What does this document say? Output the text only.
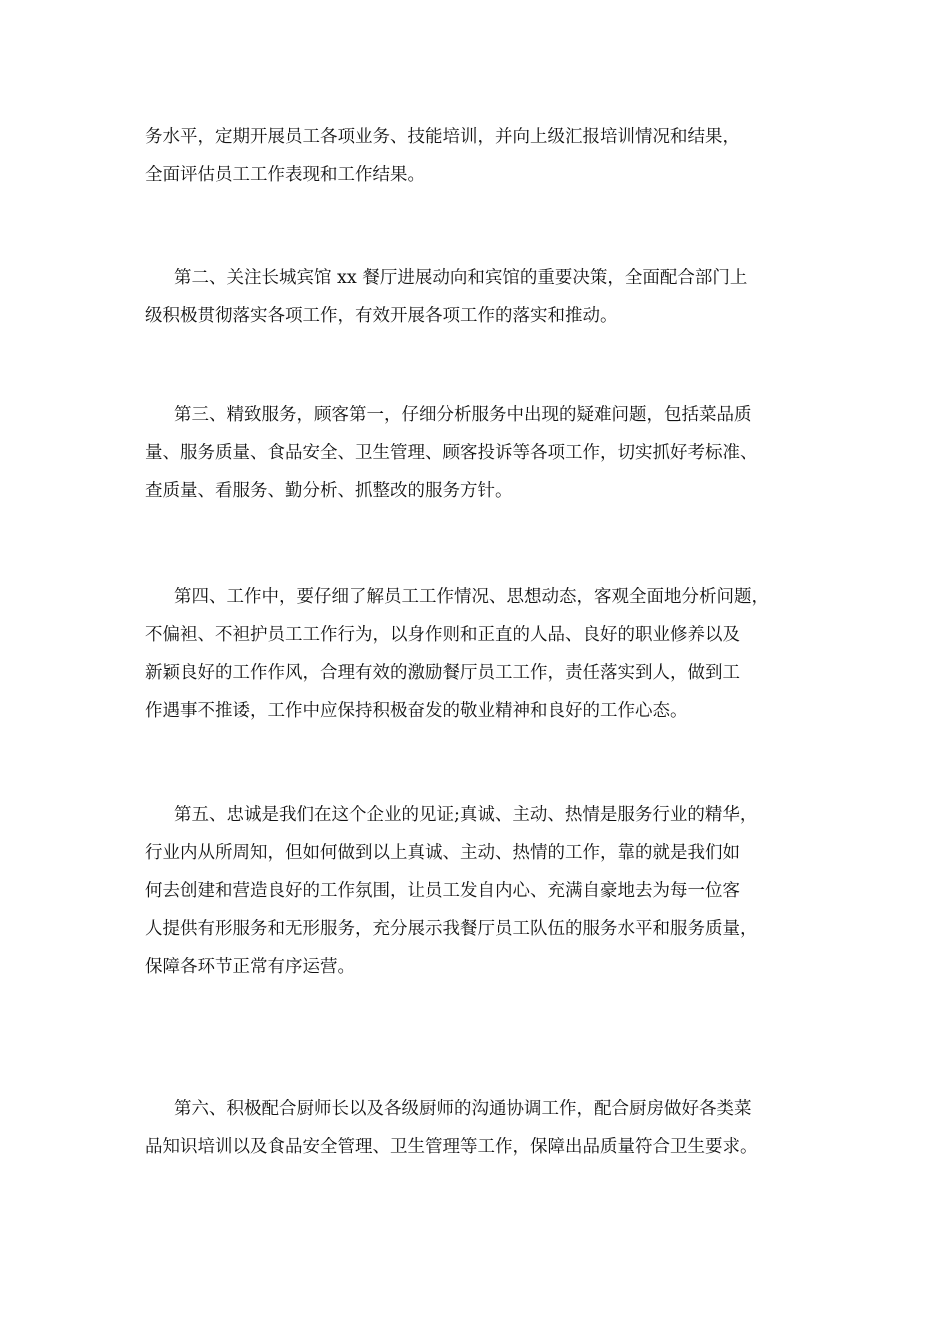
务水平，定期开展员工各项业务、技能培训，并向上级汇报培训情况和结果，
全面评估员工工作表现和工作结果。
第二、关注长城宾馆 xx 餐厅进展动向和宾馆的重要决策，全面配合部门上
级积极贯彻落实各项工作，有效开展各项工作的落实和推动。
第三、精致服务，顾客第一，仔细分析服务中出现的疑难问题，包括菜品质
量、服务质量、食品安全、卫生管理、顾客投诉等各项工作，切实抓好考标准、
查质量、看服务、勤分析、抓整改的服务方针。
第四、工作中，要仔细了解员工工作情况、思想动态，客观全面地分析问题，
不偏袒、不袒护员工工作行为，以身作则和正直的人品、良好的职业修养以及
新颖良好的工作作风，合理有效的激励餐厅员工工作，责任落实到人，做到工
作遇事不推诿，工作中应保持积极奋发的敬业精神和良好的工作心态。
第五、忠诚是我们在这个企业的见证;真诚、主动、热情是服务行业的精华，
行业内从所周知，但如何做到以上真诚、主动、热情的工作，靠的就是我们如
何去创建和营造良好的工作氛围，让员工发自内心、充满自豪地去为每一位客
人提供有形服务和无形服务，充分展示我餐厅员工队伍的服务水平和服务质量，
保障各环节正常有序运营。
第六、积极配合厨师长以及各级厨师的沟通协调工作，配合厨房做好各类菜
品知识培训以及食品安全管理、卫生管理等工作，保障出品质量符合卫生要求。
